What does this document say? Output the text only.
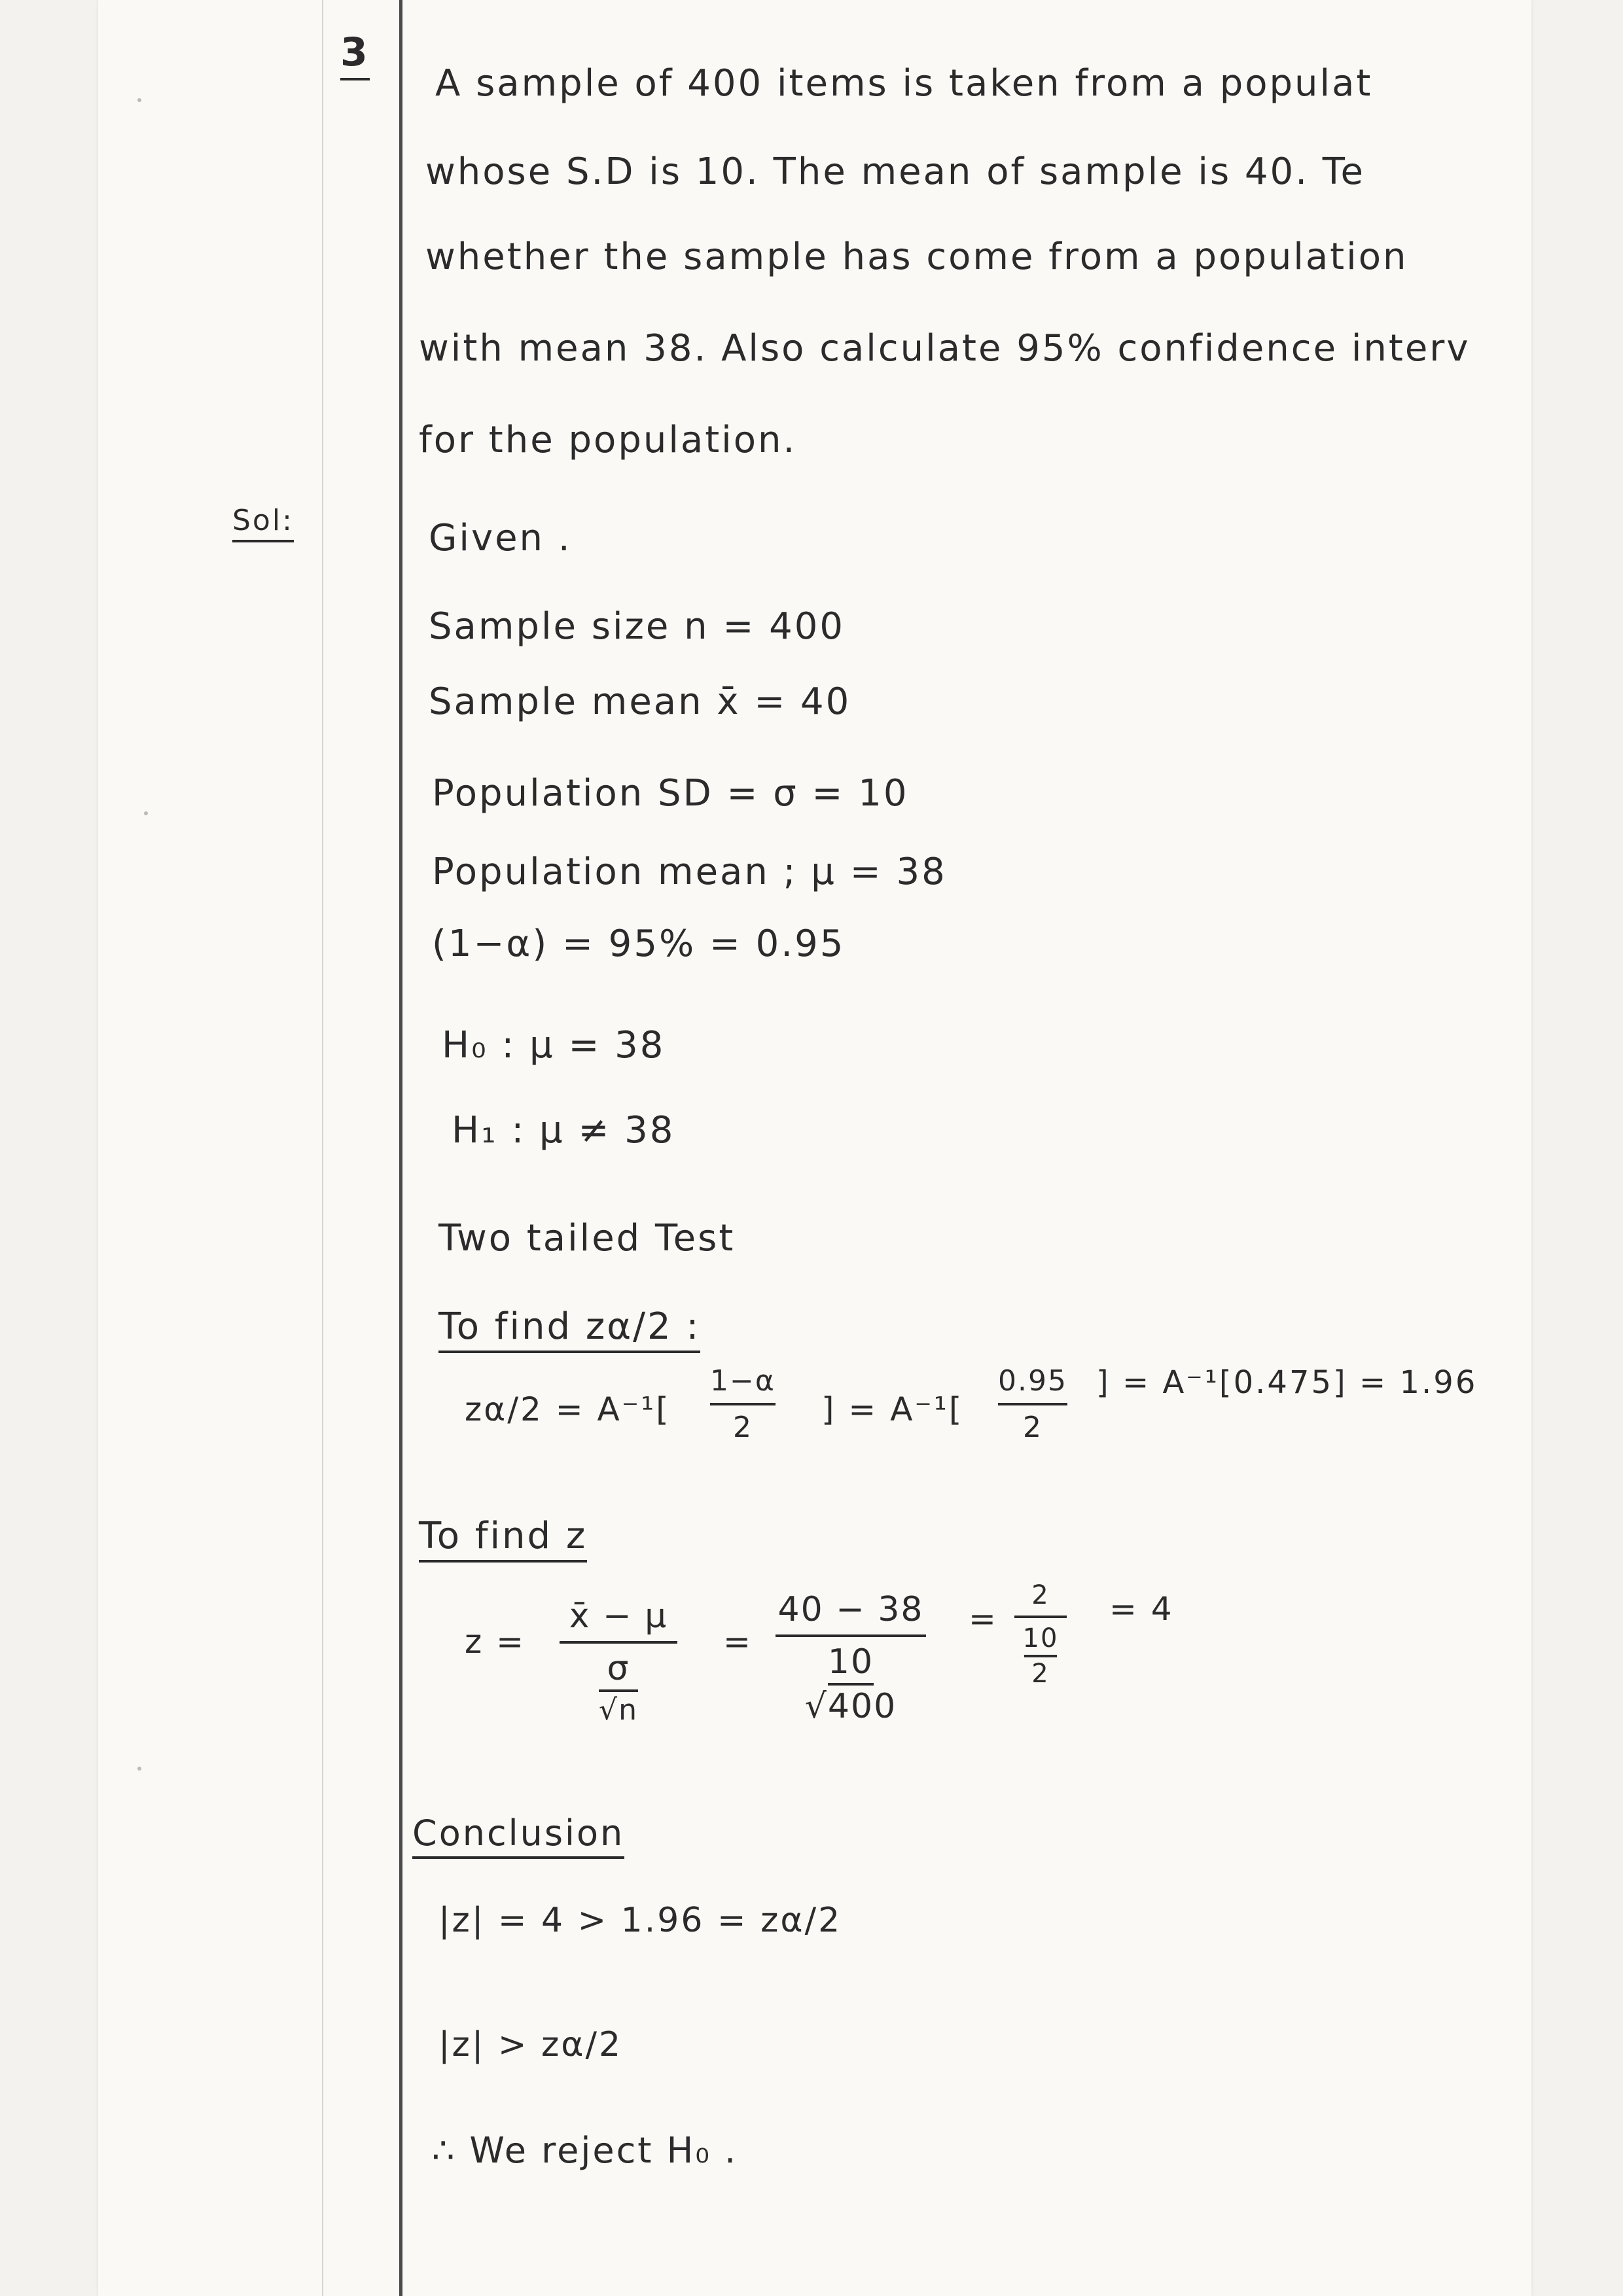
3
A sample of 400 items is taken from a populat
whose S.D is 10. The mean of sample is 40. Te
whether the sample has come from a population
with mean 38. Also calculate 95% confidence interv
for the population.
Sol:	Given .
Sample size n = 400
Sample mean x̄ = 40
Population SD = σ = 10
Population mean ; μ = 38
(1−α) = 95% = 0.95
H₀ : μ = 38
H₁ : μ ≠ 38
Two tailed Test
To find zα/2 :
zα/2 = A⁻¹[
1−α
2 ] = A⁻¹[
0.95
2
] = A⁻¹[0.475] = 1.96
To find z
z =
x̄ − μ
σ
√n
=
40 − 38
10
√400
=
2
10
2
= 4
Conclusion
|z| = 4 > 1.96 = zα/2
|z| > zα/2
∴ We reject H₀ .
